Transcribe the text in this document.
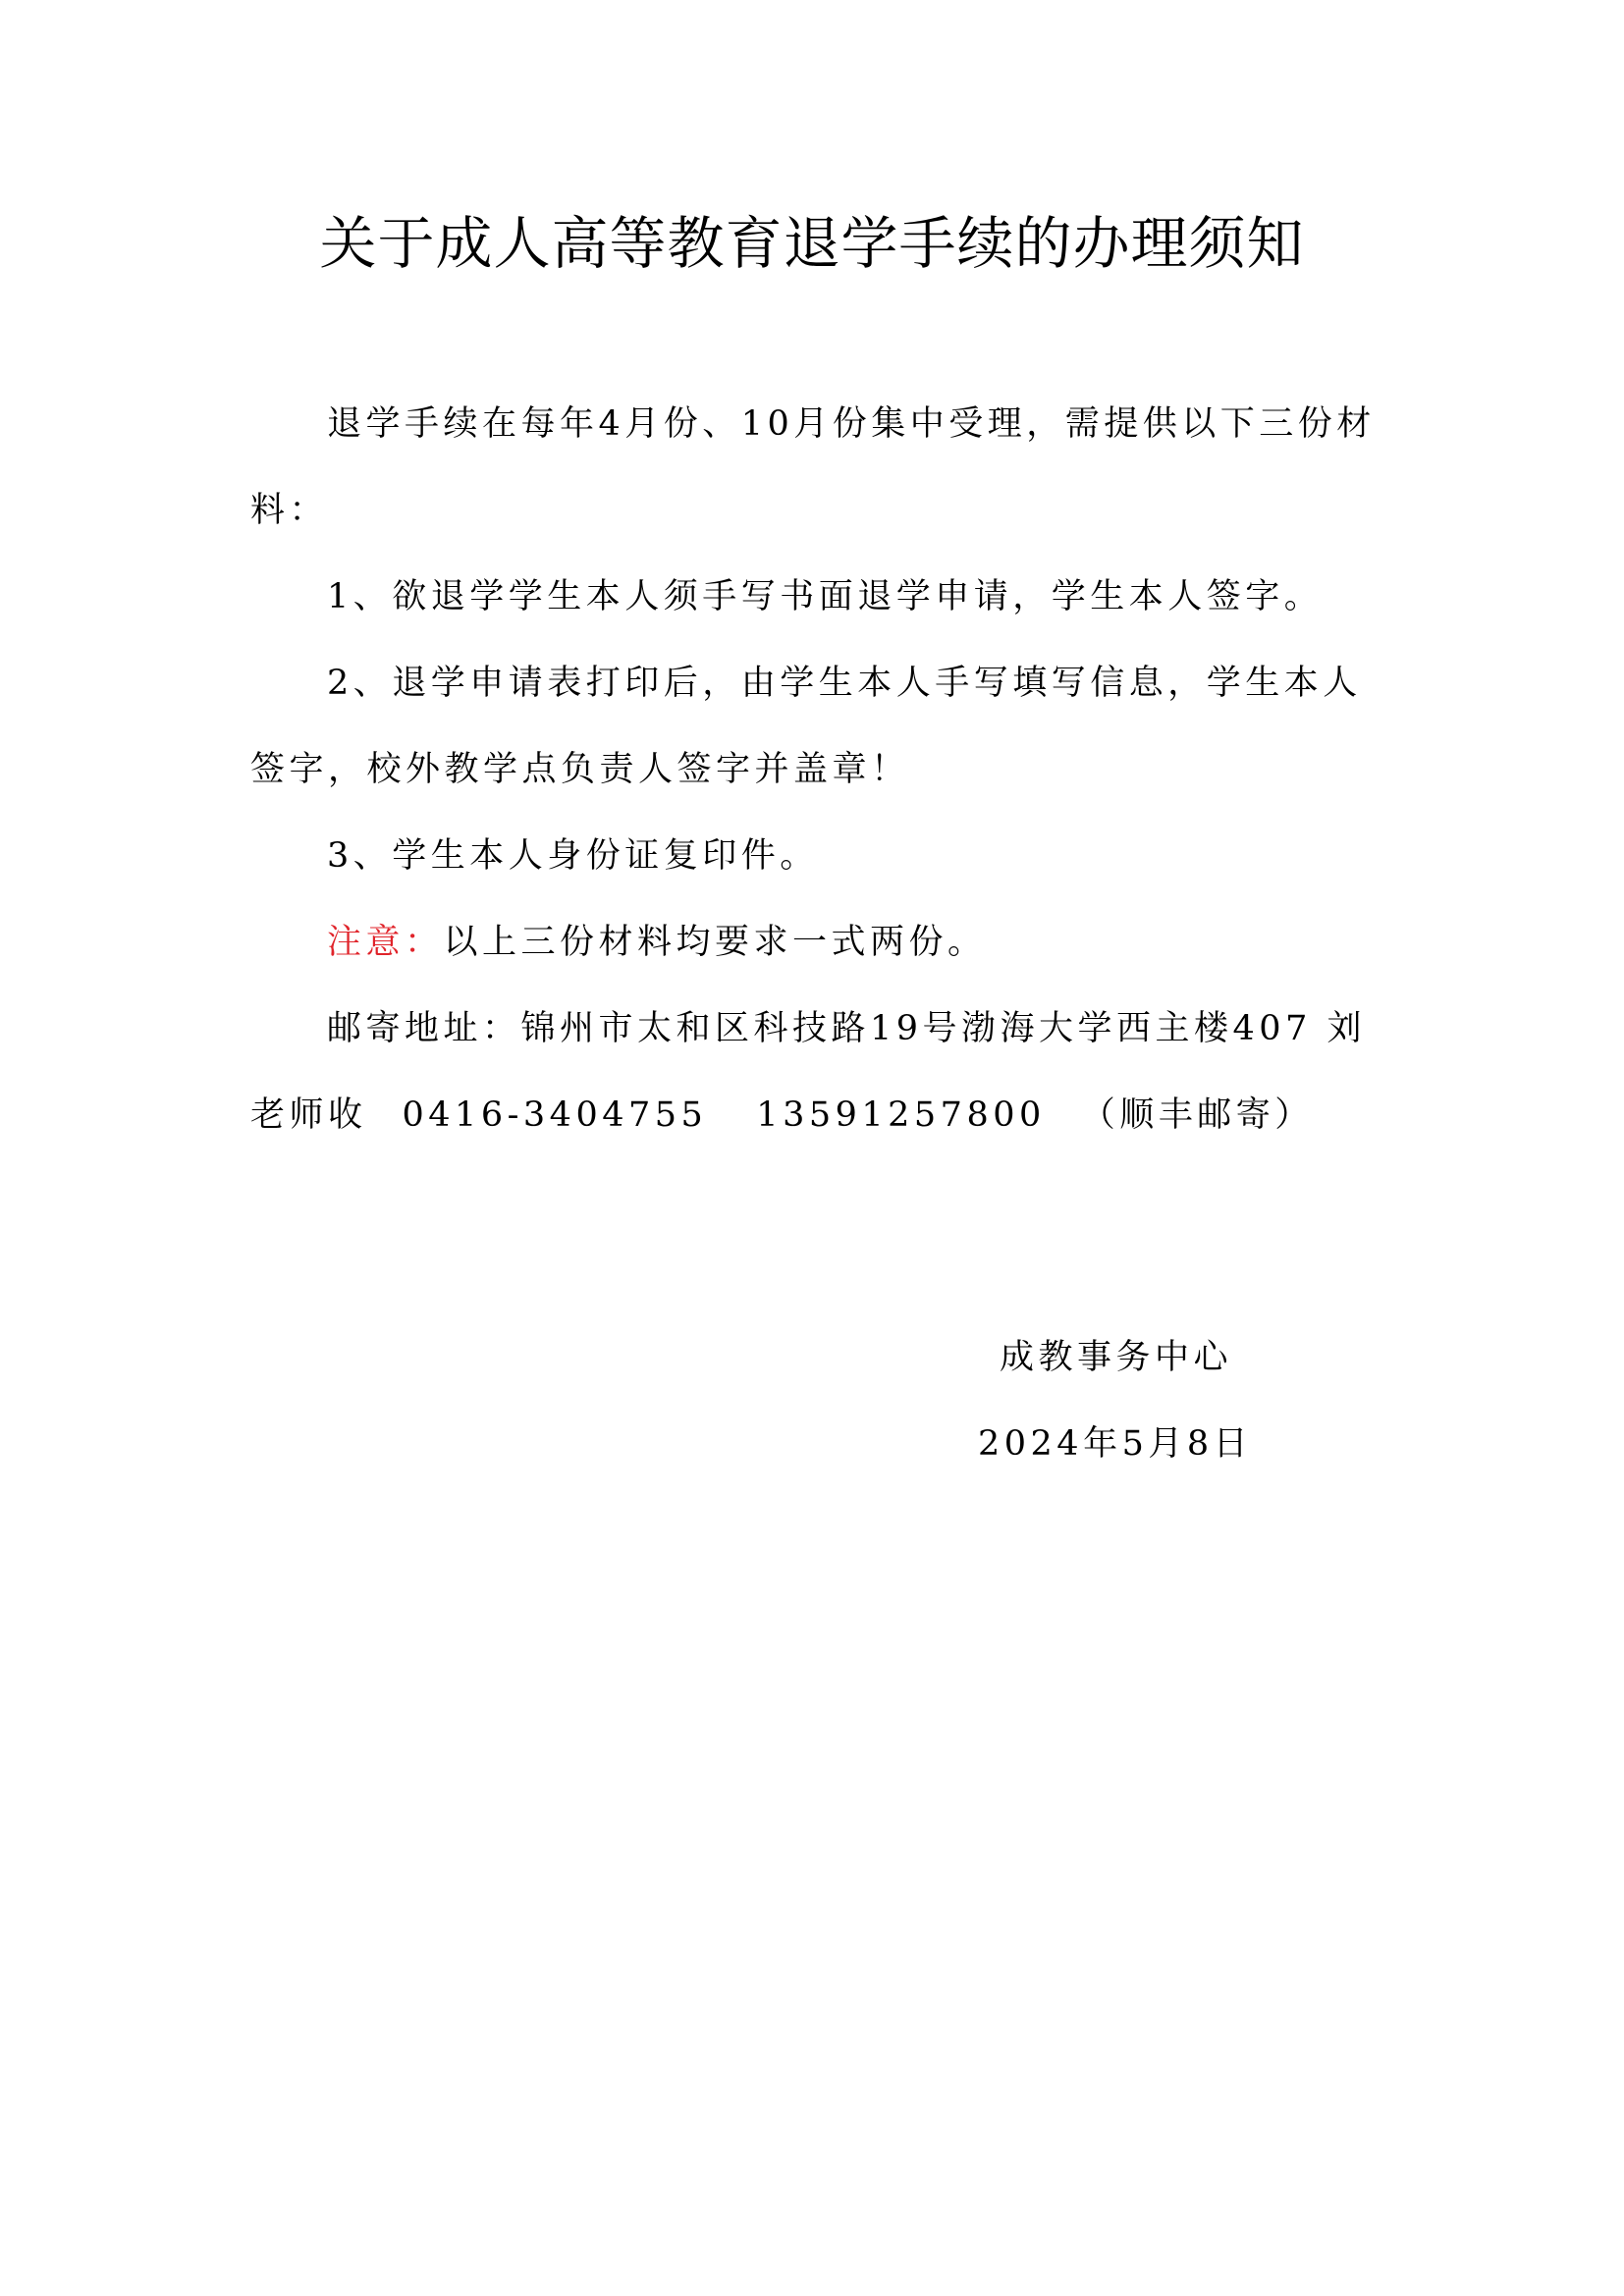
关于成人高等教育退学手续的办理须知

退学手续在每年4月份、10月份集中受理，需提供以下三份材料：

1、欲退学学生本人须手写书面退学申请，学生本人签字。

2、退学申请表打印后，由学生本人手写填写信息，学生本人签字，校外教学点负责人签字并盖章！

3、学生本人身份证复印件。

注意：以上三份材料均要求一式两份。

邮寄地址：锦州市太和区科技路19号渤海大学西主楼407 刘老师收 0416-3404755 13591257800 （顺丰邮寄）

成教事务中心
2024年5月8日
